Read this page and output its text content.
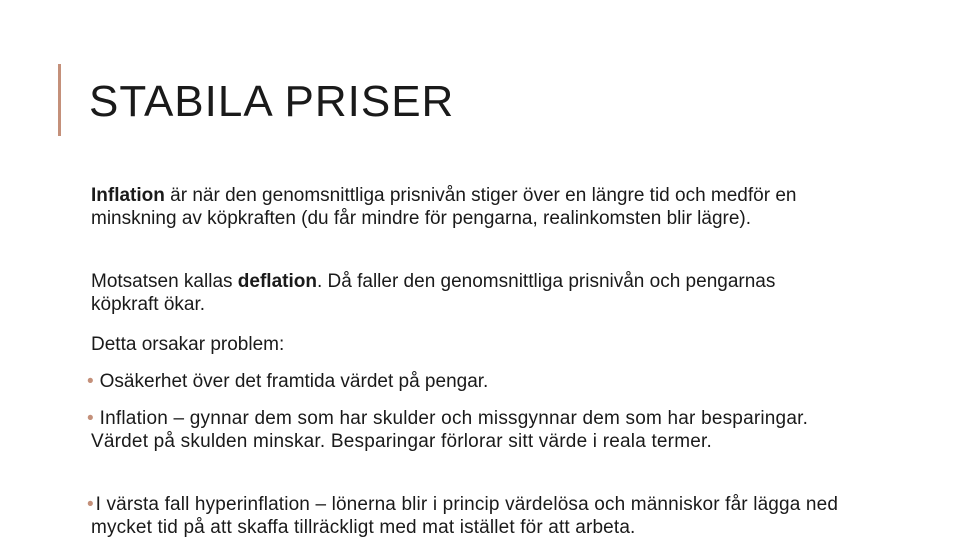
STABILA PRISER

Inflation är när den genomsnittliga prisnivån stiger över en längre tid och medför en minskning av köpkraften (du får mindre för pengarna, realinkomsten blir lägre).

Motsatsen kallas deflation. Då faller den genomsnittliga prisnivån och pengarnas köpkraft ökar.

Detta orsakar problem:

• Osäkerhet över det framtida värdet på pengar.

• Inflation – gynnar dem som har skulder och missgynnar dem som har besparingar. Värdet på skulden minskar. Besparingar förlorar sitt värde i reala termer.

• I värsta fall hyperinflation – lönerna blir i princip värdelösa och människor får lägga ned mycket tid på att skaffa tillräckligt med mat istället för att arbeta.
